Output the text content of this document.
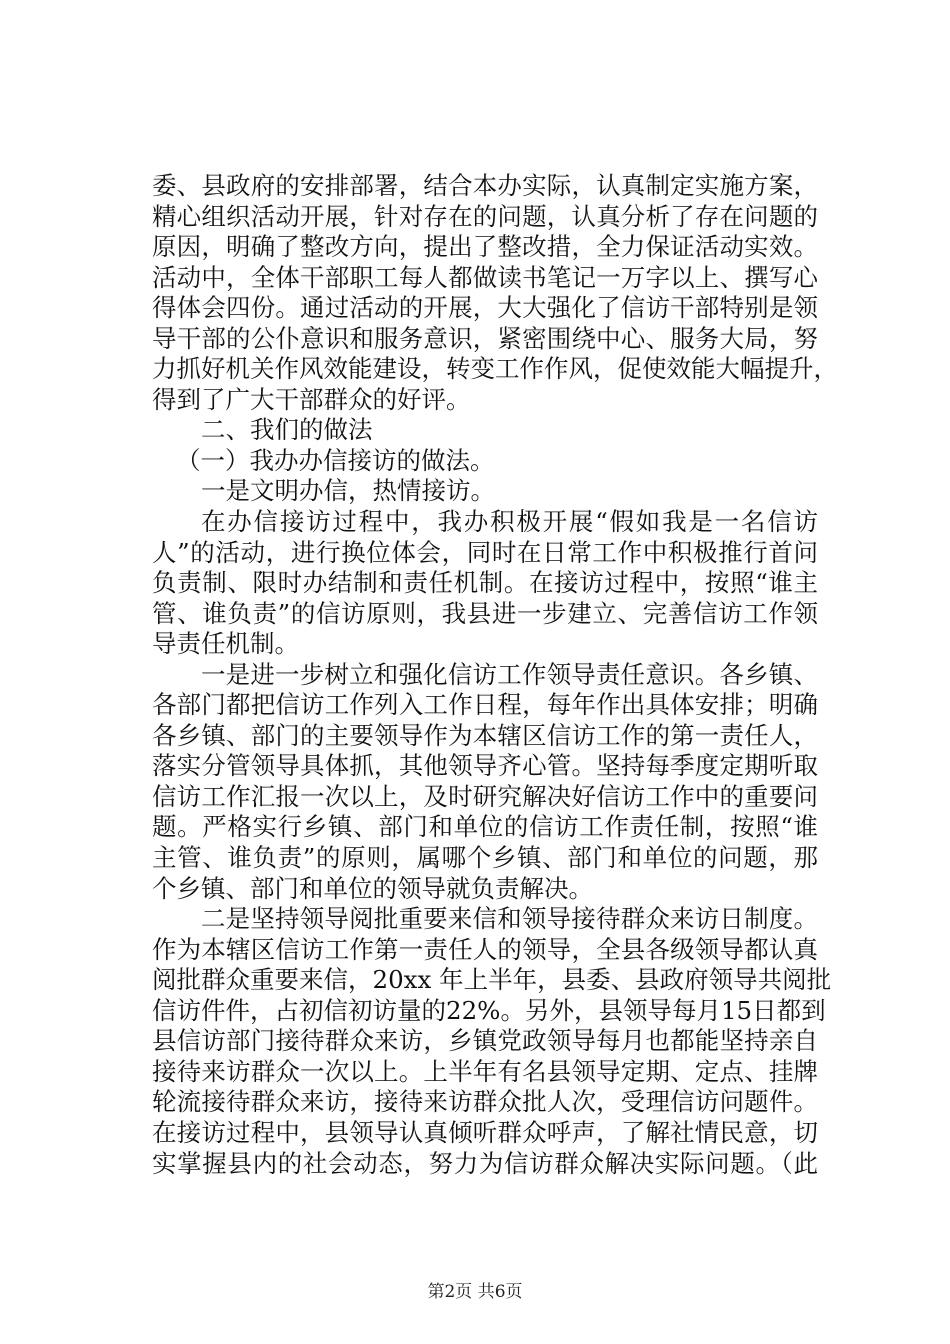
委、县政府的安排部署，结合本办实际，认真制定实施方案，
精心组织活动开展，针对存在的问题，认真分析了存在问题的
原因，明确了整改方向，提出了整改措，全力保证活动实效。
活动中，全体干部职工每人都做读书笔记一万字以上、撰写心
得体会四份。通过活动的开展，大大强化了信访干部特别是领
导干部的公仆意识和服务意识，紧密围绕中心、服务大局，努
力抓好机关作风效能建设，转变工作作风，促使效能大幅提升，
得到了广大干部群众的好评。
二、我们的做法
（一）我办办信接访的做法。
一是文明办信，热情接访。
在办信接访过程中，我办积极开展“假如我是一名信访
人”的活动，进行换位体会，同时在日常工作中积极推行首问
负责制、限时办结制和责任机制。在接访过程中，按照“谁主
管、谁负责”的信访原则，我县进一步建立、完善信访工作领
导责任机制。
一是进一步树立和强化信访工作领导责任意识。各乡镇、
各部门都把信访工作列入工作日程，每年作出具体安排；明确
各乡镇、部门的主要领导作为本辖区信访工作的第一责任人，
落实分管领导具体抓，其他领导齐心管。坚持每季度定期听取
信访工作汇报一次以上，及时研究解决好信访工作中的重要问
题。严格实行乡镇、部门和单位的信访工作责任制，按照“谁
主管、谁负责”的原则，属哪个乡镇、部门和单位的问题，那
个乡镇、部门和单位的领导就负责解决。
二是坚持领导阅批重要来信和领导接待群众来访日制度。
作为本辖区信访工作第一责任人的领导，全县各级领导都认真
阅批群众重要来信，20xx 年上半年，县委、县政府领导共阅批
信访件件，占初信初访量的22%。另外，县领导每月15日都到
县信访部门接待群众来访，乡镇党政领导每月也都能坚持亲自
接待来访群众一次以上。上半年有名县领导定期、定点、挂牌
轮流接待群众来访，接待来访群众批人次，受理信访问题件。
在接访过程中，县领导认真倾听群众呼声，了解社情民意，切
实掌握县内的社会动态，努力为信访群众解决实际问题。（此
第2页 共6页
